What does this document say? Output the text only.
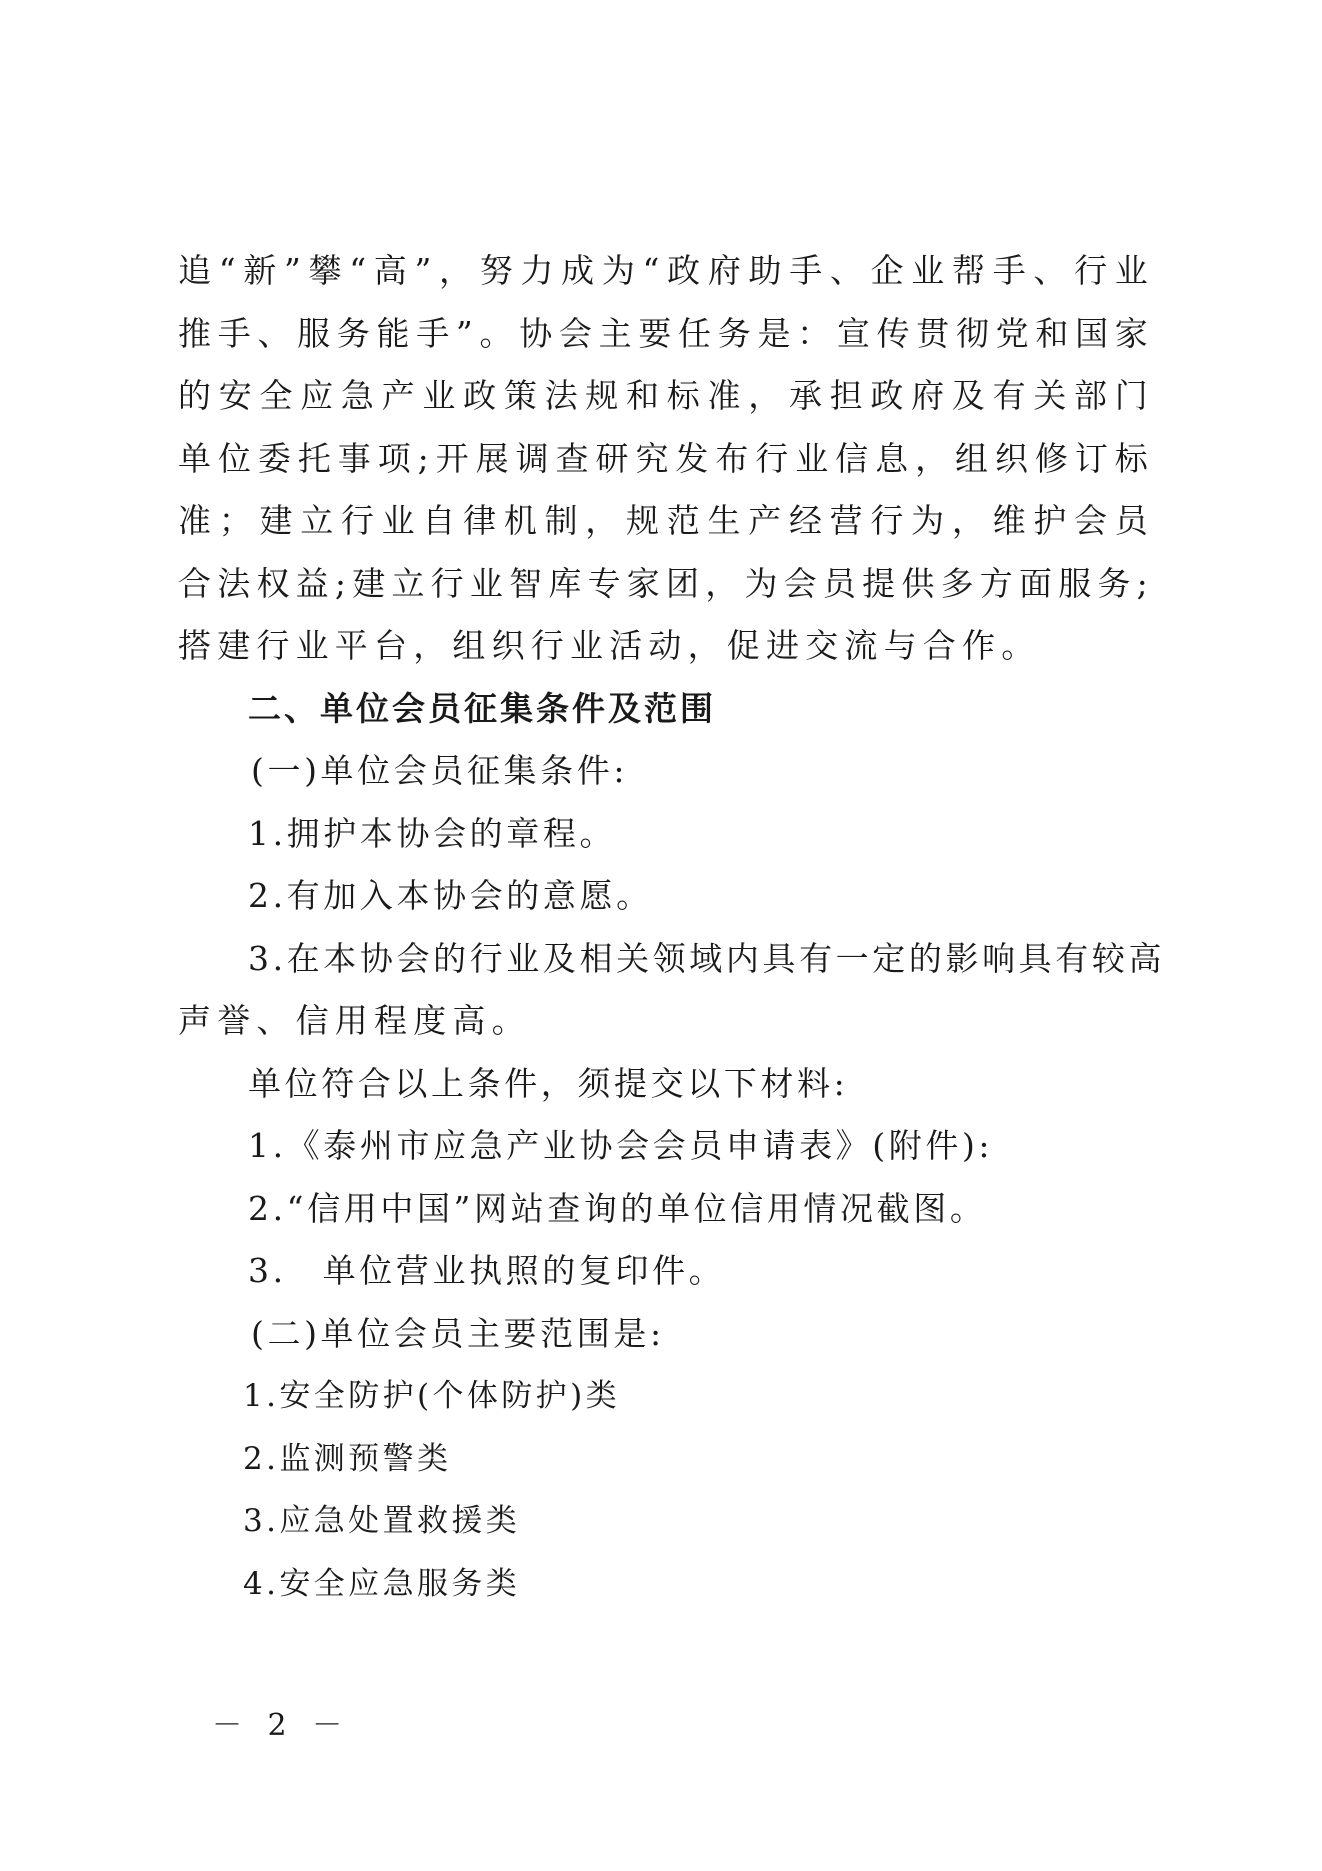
追“新”攀“高”，努力成为“政府助手、企业帮手、行业推手、服务能手”。协会主要任务是：宣传贯彻党和国家的安全应急产业政策法规和标准，承担政府及有关部门单位委托事项;开展调查研究发布行业信息，组织修订标准；建立行业自律机制，规范生产经营行为，维护会员合法权益;建立行业智库专家团，为会员提供多方面服务;搭建行业平台，组织行业活动，促进交流与合作。

二、单位会员征集条件及范围

(一)单位会员征集条件:

1.拥护本协会的章程。

2.有加入本协会的意愿。

3.在本协会的行业及相关领域内具有一定的影响具有较高

声誉、信用程度高。

单位符合以上条件，须提交以下材料:

1.《泰州市应急产业协会会员申请表》(附件):

2.“信用中国”网站查询的单位信用情况截图。

3. 单位营业执照的复印件。

(二)单位会员主要范围是:

1.安全防护(个体防护)类

2.监测预警类

3.应急处置救援类

4.安全应急服务类

－ 2 －
